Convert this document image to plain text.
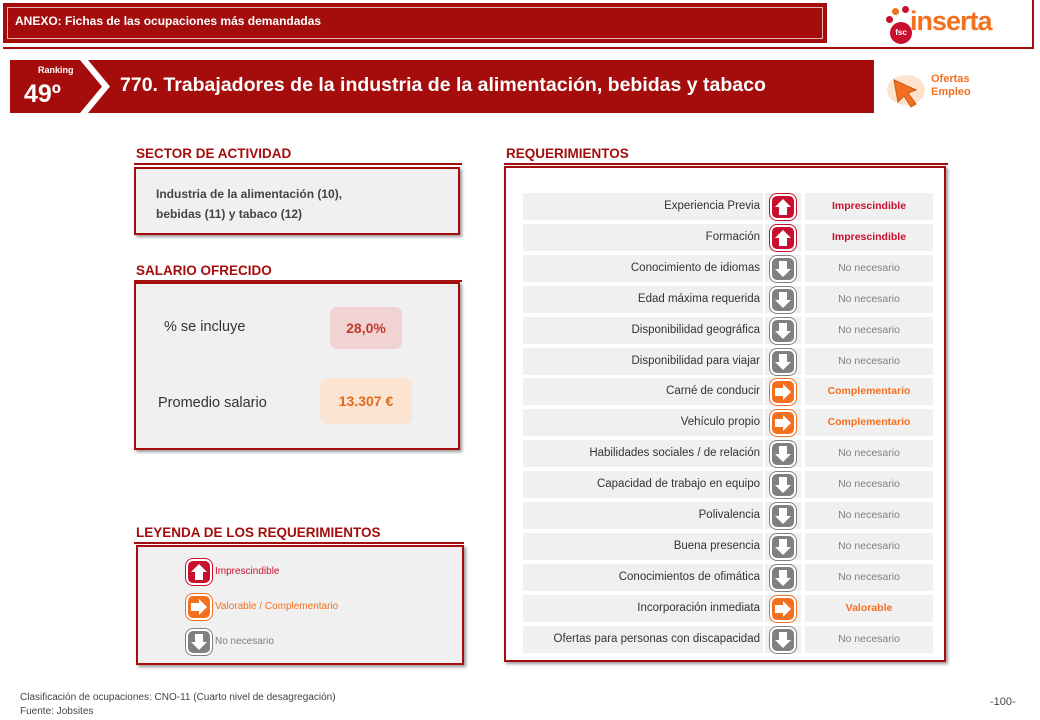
ANEXO: Fichas de las ocupaciones más demandadas
fsc inserta
Ranking
49º	770. Trabajadores de la industria de la alimentación, bebidas y tabaco	Ofertas
Empleo
SECTOR DE ACTIVIDAD
Industria de la alimentación (10),
bebidas (11) y tabaco (12)
SALARIO OFRECIDO
% se incluye	28,0%
Promedio salario	13.307 €
LEYENDA DE LOS REQUERIMIENTOS
Imprescindible
Valorable / Complementario
No necesario
REQUERIMIENTOS
Experiencia Previa	Imprescindible
Formación	Imprescindible
Conocimiento de idiomas	No necesario
Edad máxima requerida	No necesario
Disponibilidad geográfica	No necesario
Disponibilidad para viajar	No necesario
Carné de conducir	Complementario
Vehículo propio	Complementario
Habilidades sociales / de relación	No necesario
Capacidad de trabajo en equipo	No necesario
Polivalencia	No necesario
Buena presencia	No necesario
Conocimientos de ofimática	No necesario
Incorporación inmediata	Valorable
Ofertas para personas con discapacidad	No necesario
Clasificación de ocupaciones: CNO-11 (Cuarto nivel de desagregación)
Fuente: Jobsites
-100-
